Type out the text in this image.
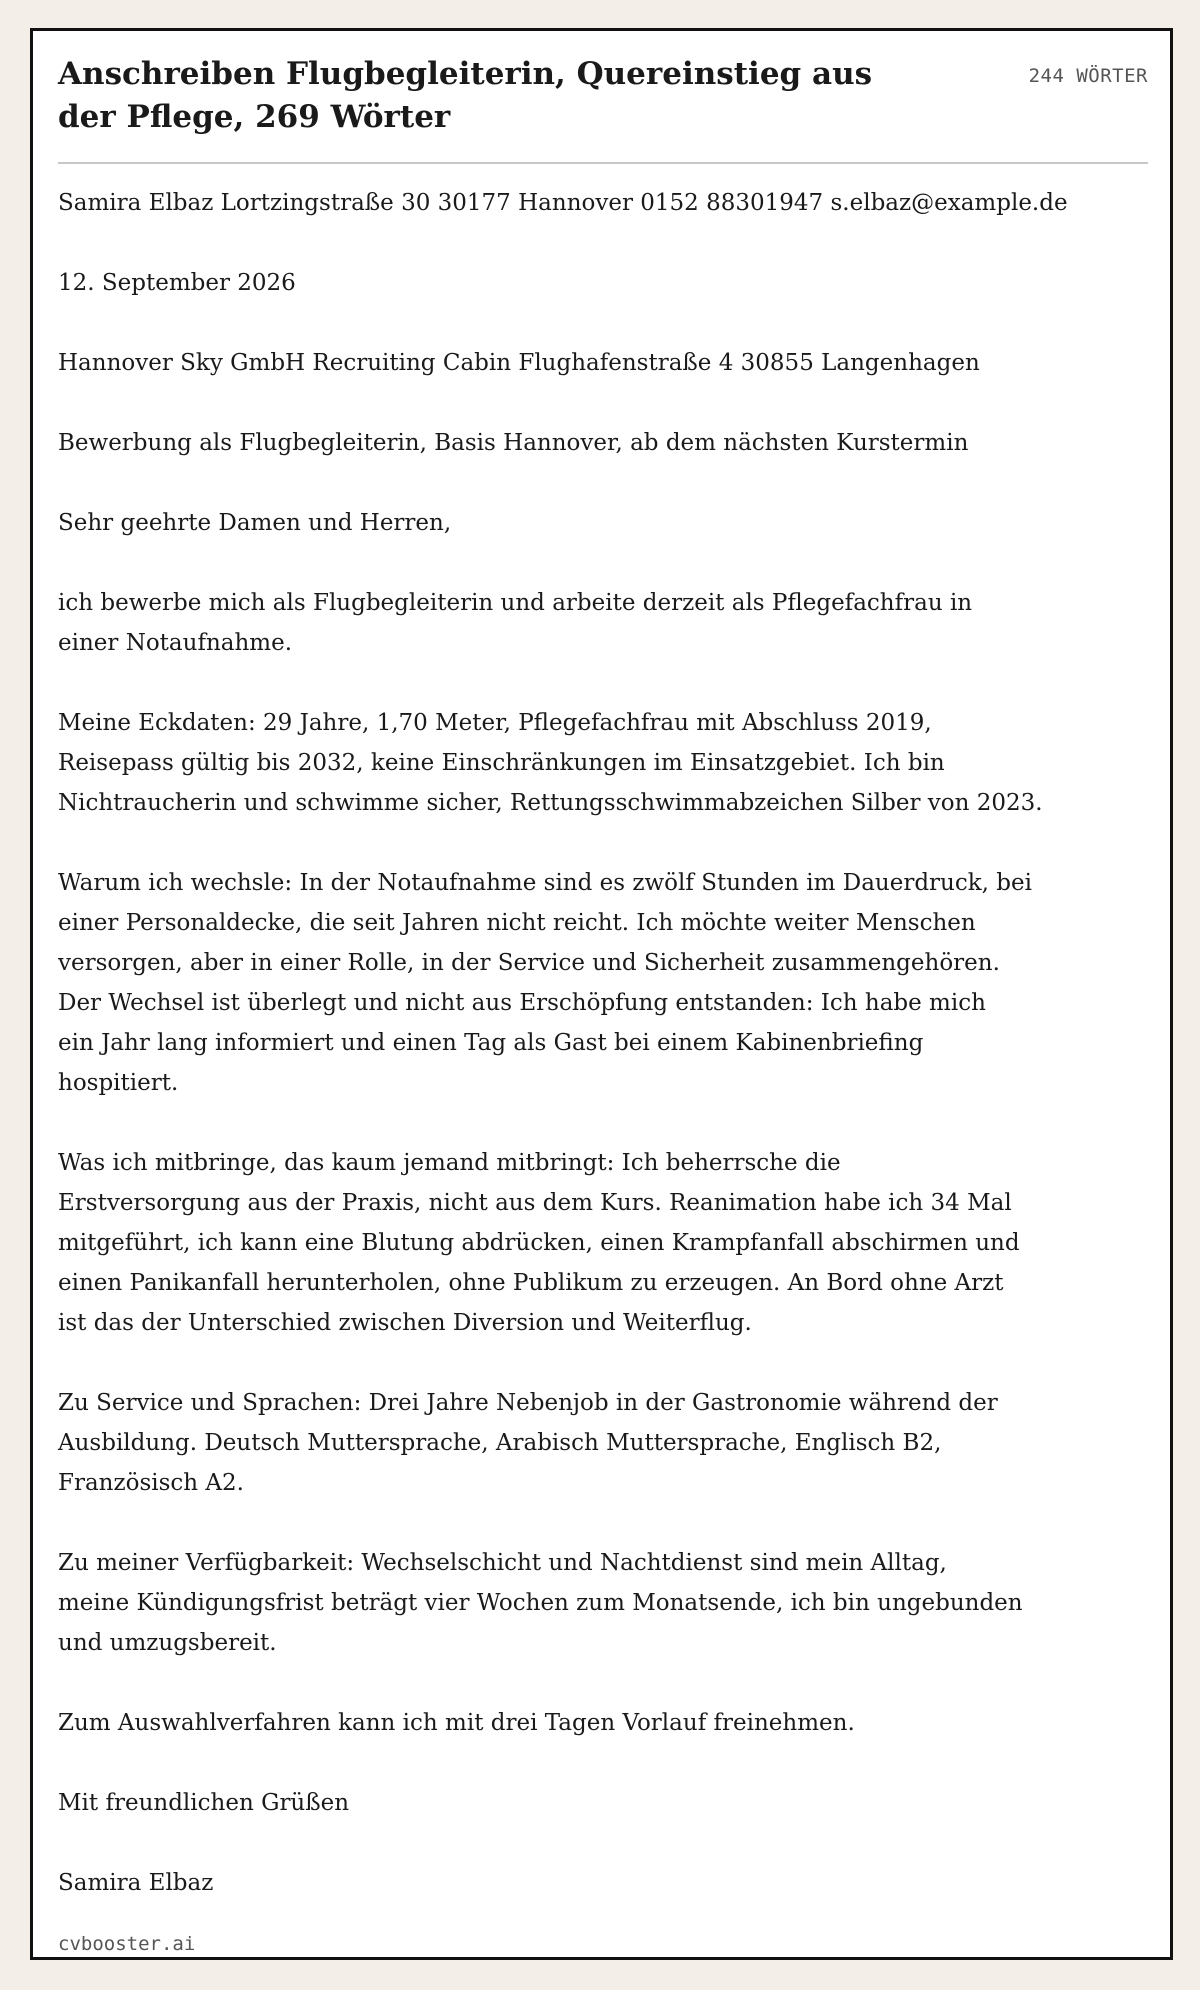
Anschreiben Flugbegleiterin, Quereinstieg aus
der Pflege, 269 Wörter
244 WÖRTER

Samira Elbaz Lortzingstraße 30 30177 Hannover 0152 88301947 s.elbaz@example.de

12. September 2026

Hannover Sky GmbH Recruiting Cabin Flughafenstraße 4 30855 Langenhagen

Bewerbung als Flugbegleiterin, Basis Hannover, ab dem nächsten Kurstermin

Sehr geehrte Damen und Herren,

ich bewerbe mich als Flugbegleiterin und arbeite derzeit als Pflegefachfrau in
einer Notaufnahme.

Meine Eckdaten: 29 Jahre, 1,70 Meter, Pflegefachfrau mit Abschluss 2019,
Reisepass gültig bis 2032, keine Einschränkungen im Einsatzgebiet. Ich bin
Nichtraucherin und schwimme sicher, Rettungsschwimmabzeichen Silber von 2023.

Warum ich wechsle: In der Notaufnahme sind es zwölf Stunden im Dauerdruck, bei
einer Personaldecke, die seit Jahren nicht reicht. Ich möchte weiter Menschen
versorgen, aber in einer Rolle, in der Service und Sicherheit zusammengehören.
Der Wechsel ist überlegt und nicht aus Erschöpfung entstanden: Ich habe mich
ein Jahr lang informiert und einen Tag als Gast bei einem Kabinenbriefing
hospitiert.

Was ich mitbringe, das kaum jemand mitbringt: Ich beherrsche die
Erstversorgung aus der Praxis, nicht aus dem Kurs. Reanimation habe ich 34 Mal
mitgeführt, ich kann eine Blutung abdrücken, einen Krampfanfall abschirmen und
einen Panikanfall herunterholen, ohne Publikum zu erzeugen. An Bord ohne Arzt
ist das der Unterschied zwischen Diversion und Weiterflug.

Zu Service und Sprachen: Drei Jahre Nebenjob in der Gastronomie während der
Ausbildung. Deutsch Muttersprache, Arabisch Muttersprache, Englisch B2,
Französisch A2.

Zu meiner Verfügbarkeit: Wechselschicht und Nachtdienst sind mein Alltag,
meine Kündigungsfrist beträgt vier Wochen zum Monatsende, ich bin ungebunden
und umzugsbereit.

Zum Auswahlverfahren kann ich mit drei Tagen Vorlauf freinehmen.

Mit freundlichen Grüßen

Samira Elbaz

cvbooster.ai
